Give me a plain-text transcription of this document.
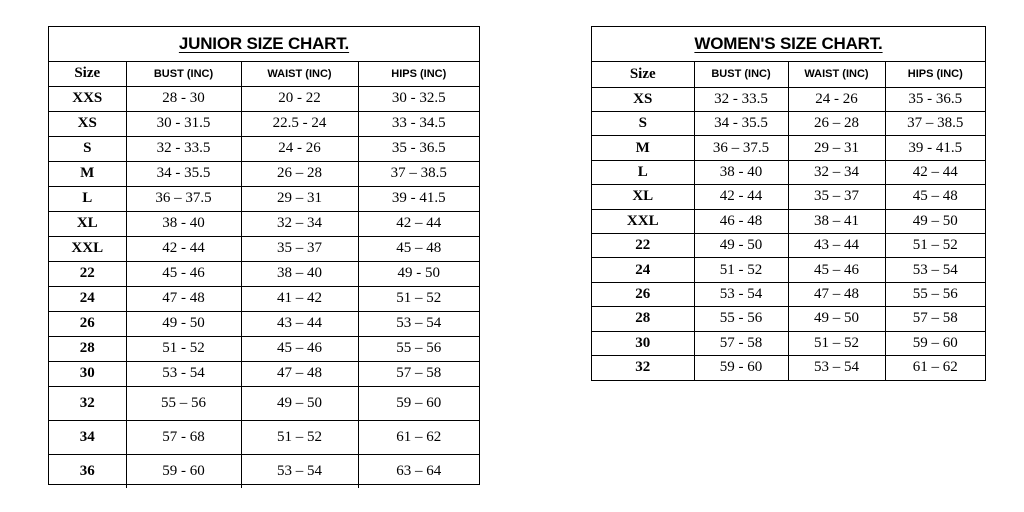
JUNIOR SIZE CHART.			
Size	BUST (INC)	WAIST (INC)	HIPS (INC)
XXS	28 - 30	20 - 22	30 - 32.5
XS	30 - 31.5	22.5 - 24	33 - 34.5
S	32 - 33.5	24 - 26	35 - 36.5
M	34 - 35.5	26 – 28	37 – 38.5
L	36 – 37.5	29 – 31	39 - 41.5
XL	38 - 40	32 – 34	42 – 44
XXL	42 - 44	35 – 37	45 – 48
22	45 - 46	38 – 40	49 - 50
24	47 - 48	41 – 42	51 – 52
26	49 - 50	43 – 44	53 – 54
28	51 - 52	45 – 46	55 – 56
30	53 - 54	47 – 48	57 – 58
32	55 – 56	49 – 50	59 – 60
34	57 - 68	51 – 52	61 – 62
36	59 - 60	53 – 54	63 – 64
WOMEN'S SIZE CHART.			
Size	BUST (INC)	WAIST (INC)	HIPS (INC)
XS	32 - 33.5	24 - 26	35 - 36.5
S	34 - 35.5	26 – 28	37 – 38.5
M	36 – 37.5	29 – 31	39 - 41.5
L	38 - 40	32 – 34	42 – 44
XL	42 - 44	35 – 37	45 – 48
XXL	46 - 48	38 – 41	49 – 50
22	49 - 50	43 – 44	51 – 52
24	51 - 52	45 – 46	53 – 54
26	53 - 54	47 – 48	55 – 56
28	55 - 56	49 – 50	57 – 58
30	57 - 58	51 – 52	59 – 60
32	59 - 60	53 – 54	61 – 62
